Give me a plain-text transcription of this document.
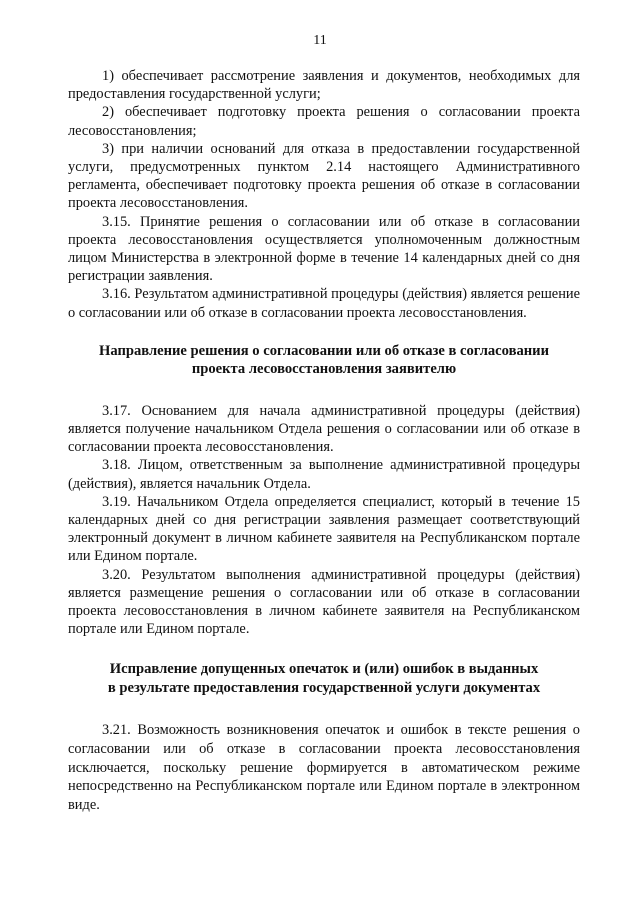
11

1) обеспечивает рассмотрение заявления и документов, необходимых для предоставления государственной услуги;

2) обеспечивает подготовку проекта решения о согласовании проекта лесовосстановления;

3) при наличии оснований для отказа в предоставлении государственной услуги, предусмотренных пунктом 2.14 настоящего Административного регламента, обеспечивает подготовку проекта решения об отказе в согласовании проекта лесовосстановления.

3.15. Принятие решения о согласовании или об отказе в согласовании проекта лесовосстановления осуществляется уполномоченным должностным лицом Министерства в электронной форме в течение 14 календарных дней со дня регистрации заявления.

3.16. Результатом административной процедуры (действия) является решение о согласовании или об отказе в согласовании проекта лесовосстановления.

Направление решения о согласовании или об отказе в согласовании
проекта лесовосстановления заявителю

3.17. Основанием для начала административной процедуры (действия) является получение начальником Отдела решения о согласовании или об отказе в согласовании проекта лесовосстановления.

3.18. Лицом, ответственным за выполнение административной процедуры (действия), является начальник Отдела.

3.19. Начальником Отдела определяется специалист, который в течение 15 календарных дней со дня регистрации заявления размещает соответствующий электронный документ в личном кабинете заявителя на Республиканском портале или Едином портале.

3.20. Результатом выполнения административной процедуры (действия) является размещение решения о согласовании или об отказе в согласовании проекта лесовосстановления в личном кабинете заявителя на Республиканском портале или Едином портале.

Исправление допущенных опечаток и (или) ошибок в выданных
в результате предоставления государственной услуги документах

3.21. Возможность возникновения опечаток и ошибок в тексте решения о согласовании или об отказе в согласовании проекта лесовосстановления исключается, поскольку решение формируется в автоматическом режиме непосредственно на Республиканском портале или Едином портале в электронном виде.
